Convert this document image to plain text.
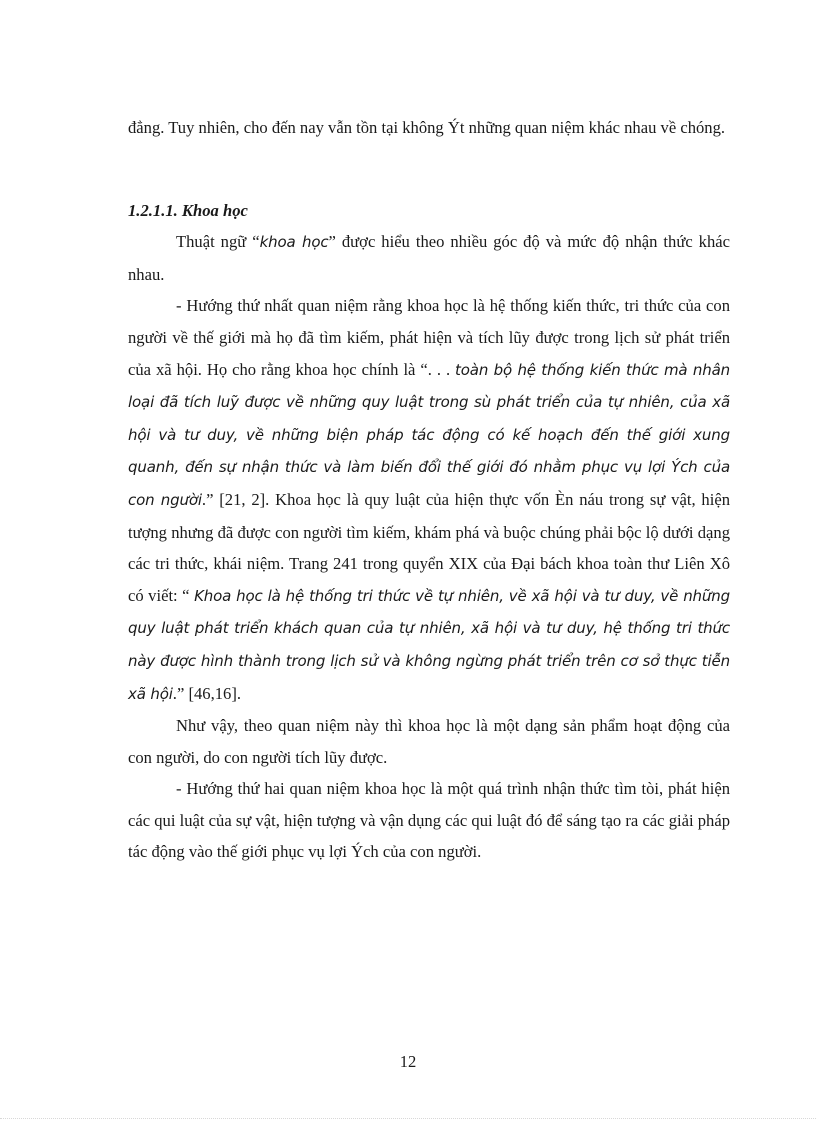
đẳng. Tuy nhiên, cho đến nay vẫn tồn tại không Ýt những quan niệm khác nhau về chóng.

1.2.1.1. Khoa học

Thuật ngữ “khoa học” được hiểu theo nhiều góc độ và mức độ nhận thức khác nhau.

- Hướng thứ nhất quan niệm rằng khoa học là hệ thống kiến thức, tri thức của con người về thế giới mà họ đã tìm kiếm, phát hiện và tích lũy được trong lịch sử phát triển của xã hội. Họ cho rằng khoa học chính là “. . . toàn bộ hệ thống kiến thức mà nhân loại đã tích luỹ được về những quy luật trong sù phát triển của tự nhiên, của xã hội và tư duy, về những biện pháp tác động có kế hoạch đến thế giới xung quanh, đến sự nhận thức và làm biến đổi thế giới đó nhằm phục vụ lợi Ých của con người.” [21, 2]. Khoa học là quy luật của hiện thực vốn Èn náu trong sự vật, hiện tượng nhưng đã được con người tìm kiếm, khám phá và buộc chúng phải bộc lộ dưới dạng các tri thức, khái niệm. Trang 241 trong quyển XIX của Đại bách khoa toàn thư Liên Xô có viết: “ Khoa học là hệ thống tri thức về tự nhiên, về xã hội và tư duy, về những quy luật phát triển khách quan của tự nhiên, xã hội và tư duy, hệ thống tri thức này được hình thành trong lịch sử và không ngừng phát triển trên cơ sở thực tiễn xã hội.” [46,16].

Như vậy, theo quan niệm này thì khoa học là một dạng sản phẩm hoạt động của con người, do con người tích lũy được.

- Hướng thứ hai quan niệm khoa học là một quá trình nhận thức tìm tòi, phát hiện các qui luật của sự vật, hiện tượng và vận dụng các qui luật đó để sáng tạo ra các giải pháp tác động vào thế giới phục vụ lợi Ých của con người.

12
